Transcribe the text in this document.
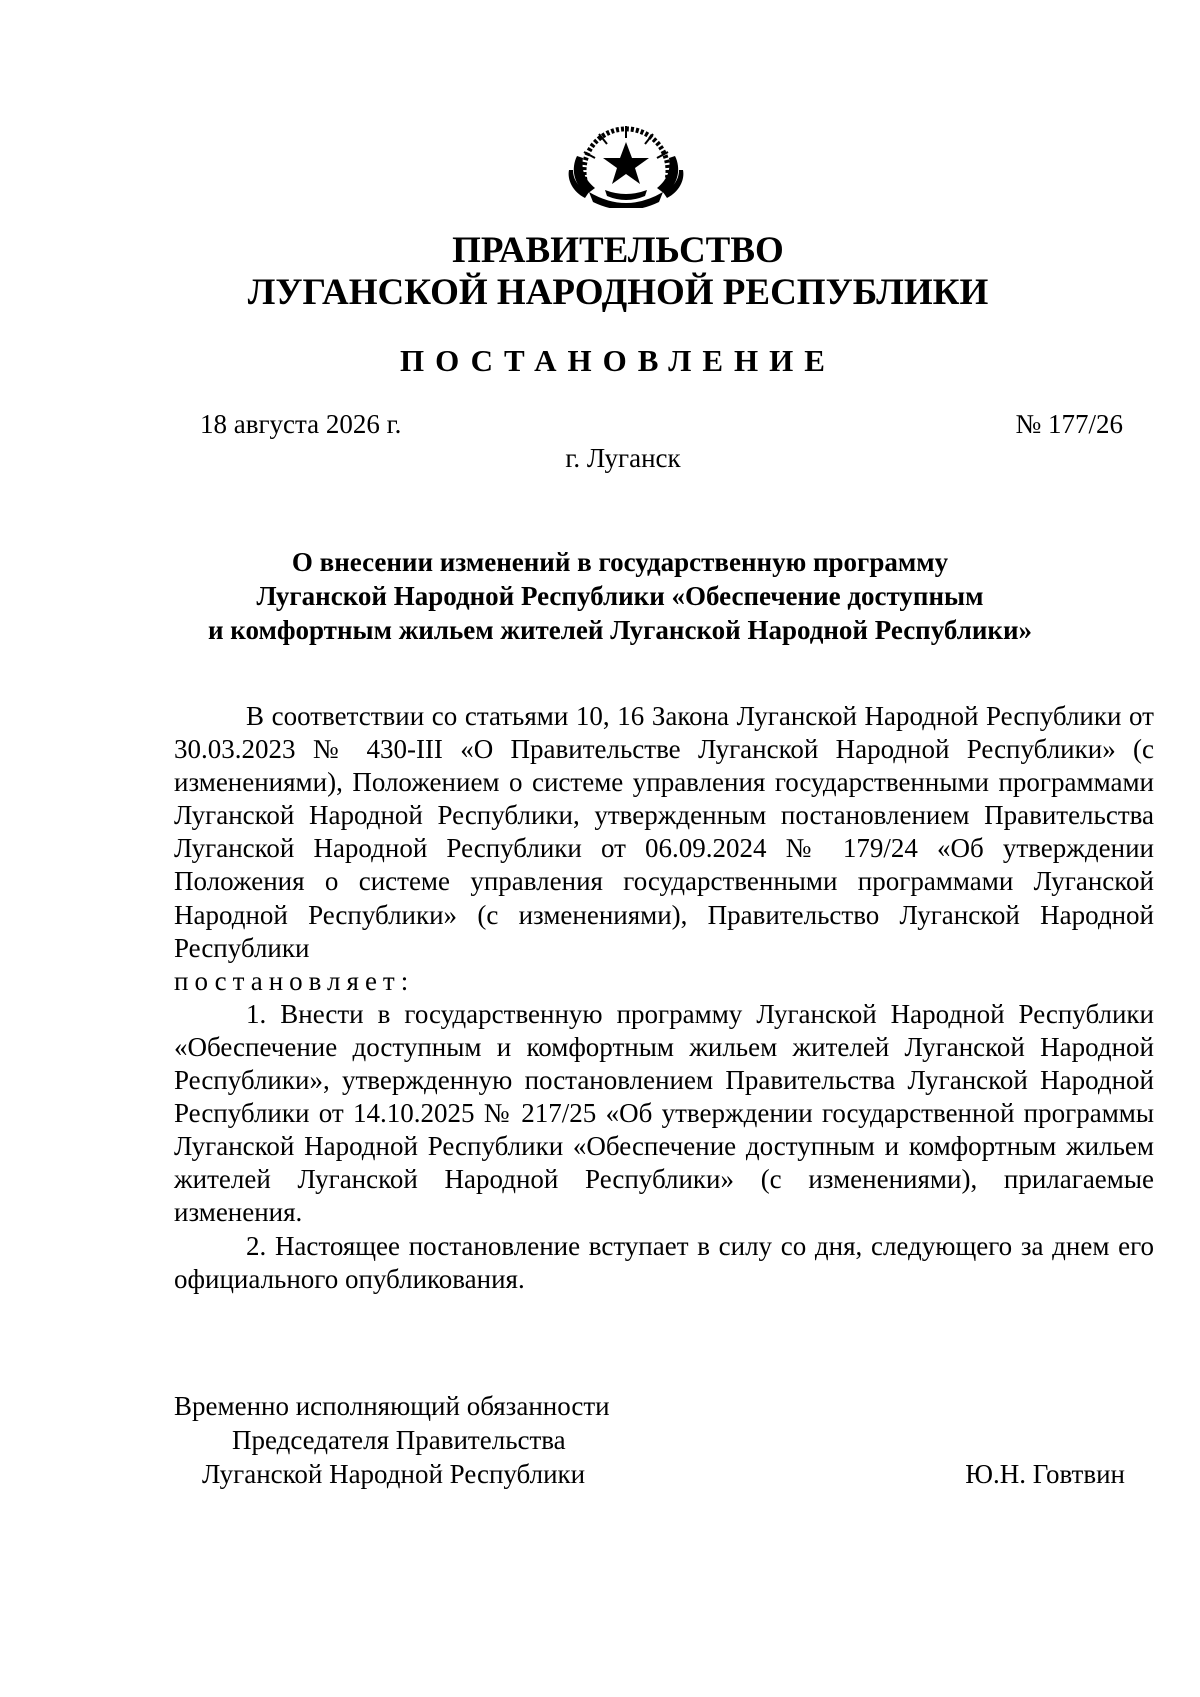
ПРАВИТЕЛЬСТВО
ЛУГАНСКОЙ НАРОДНОЙ РЕСПУБЛИКИ
ПОСТАНОВЛЕНИЕ
18 августа 2026 г.	№ 177/26
г. Луганск
О внесении изменений в государственную программу
Луганской Народной Республики «Обеспечение доступным
и комфортным жильем жителей Луганской Народной Республики»

В соответствии со статьями 10, 16 Закона Луганской Народной Республики от 30.03.2023 № 430-III «О Правительстве Луганской Народной Республики» (с изменениями), Положением о системе управления государственными программами Луганской Народной Республики, утвержденным постановлением Правительства Луганской Народной Республики от 06.09.2024 № 179/24 «Об утверждении Положения о системе управления государственными программами Луганской Народной Республики» (с изменениями), Правительство Луганской Народной Республики

постановляет:

1. Внести в государственную программу Луганской Народной Республики «Обеспечение доступным и комфортным жильем жителей Луганской Народной Республики», утвержденную постановлением Правительства Луганской Народной Республики от 14.10.2025 № 217/25 «Об утверждении государственной программы Луганской Народной Республики «Обеспечение доступным и комфортным жильем жителей Луганской Народной Республики» (с изменениями), прилагаемые изменения.

2. Настоящее постановление вступает в силу со дня, следующего за днем его официального опубликования.

Временно исполняющий обязанности
Председателя Правительства
Луганской Народной Республики	Ю.Н. Говтвин
